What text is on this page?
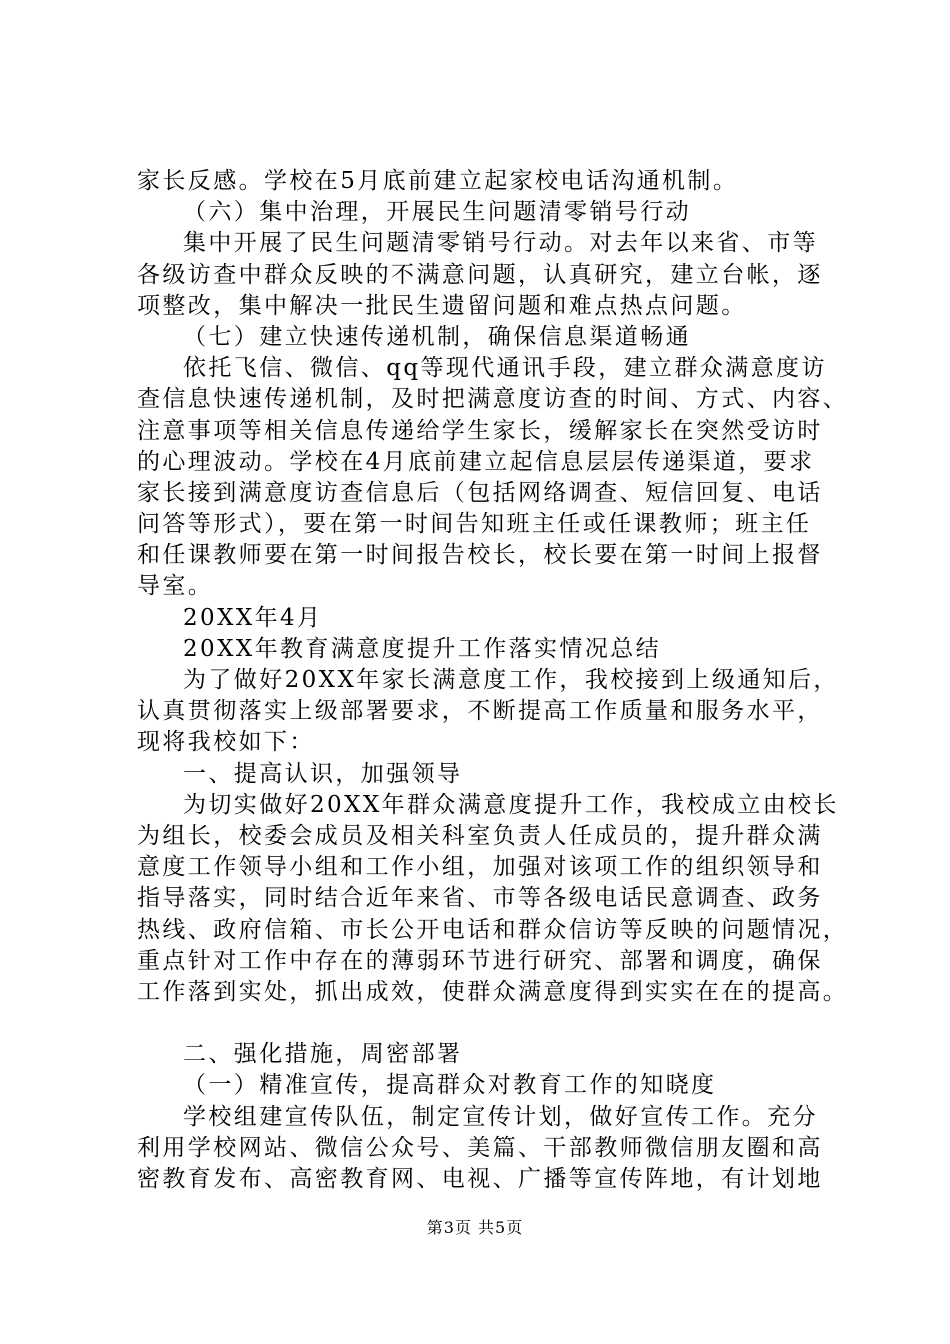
家长反感。学校在5月底前建立起家校电话沟通机制。
（六）集中治理，开展民生问题清零销号行动
集中开展了民生问题清零销号行动。对去年以来省、市等
各级访查中群众反映的不满意问题，认真研究，建立台帐，逐
项整改，集中解决一批民生遗留问题和难点热点问题。
（七）建立快速传递机制，确保信息渠道畅通
依托飞信、微信、qq等现代通讯手段，建立群众满意度访
查信息快速传递机制，及时把满意度访查的时间、方式、内容、
注意事项等相关信息传递给学生家长，缓解家长在突然受访时
的心理波动。学校在4月底前建立起信息层层传递渠道，要求
家长接到满意度访查信息后（包括网络调查、短信回复、电话
问答等形式），要在第一时间告知班主任或任课教师；班主任
和任课教师要在第一时间报告校长，校长要在第一时间上报督
导室。
20XX年4月
20XX年教育满意度提升工作落实情况总结
为了做好20XX年家长满意度工作，我校接到上级通知后，
认真贯彻落实上级部署要求，不断提高工作质量和服务水平，
现将我校如下：
一、提高认识，加强领导
为切实做好20XX年群众满意度提升工作，我校成立由校长
为组长，校委会成员及相关科室负责人任成员的，提升群众满
意度工作领导小组和工作小组，加强对该项工作的组织领导和
指导落实，同时结合近年来省、市等各级电话民意调查、政务
热线、政府信箱、市长公开电话和群众信访等反映的问题情况，
重点针对工作中存在的薄弱环节进行研究、部署和调度，确保
工作落到实处，抓出成效，使群众满意度得到实实在在的提高。
二、强化措施，周密部署
（一）精准宣传，提高群众对教育工作的知晓度
学校组建宣传队伍，制定宣传计划，做好宣传工作。充分
利用学校网站、微信公众号、美篇、干部教师微信朋友圈和高
密教育发布、高密教育网、电视、广播等宣传阵地，有计划地
第3页 共5页
